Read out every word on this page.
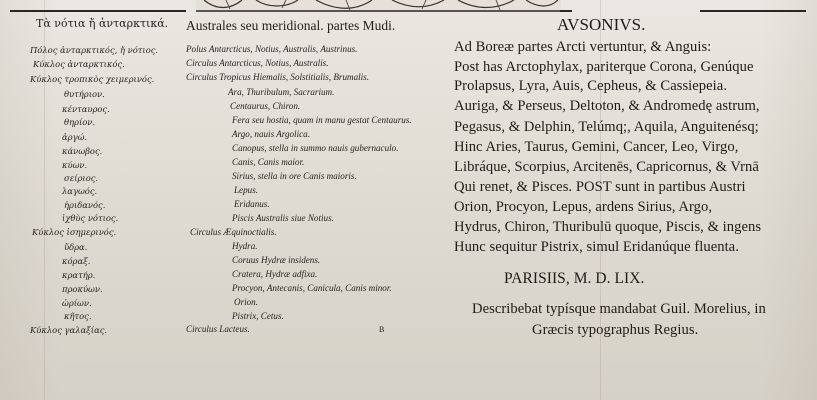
Τὰ νότια ἤ ἀνταρκτικά.
Πόλος ἀνταρκτικός, ἤ νότιος.
Κύκλος ἀνταρκτικός.
Κύκλος τροπικὸς χειμερινός.
θυτήριον.
κένταυρος.
θηρίον.
ἀργώ.
κάνωβος.
κύων.
σείριος.
λαγωός.
ἠριδανός.
ἰχθὺς νότιος.
Κύκλος ἰσημερινός.
ὕδρα.
κόραξ.
κρατήρ.
προκύων.
ὠρίων.
κῆτος.
Κύκλος γαλαξίας.
Australes seu meridional. partes Mudi.
Polus Antarcticus, Notius, Australis, Austrinus.
Circulus Antarcticus, Notius, Australis.
Circulus Tropicus Hiemalis, Solstitialis, Brumalis.
Ara, Thuribulum, Sacrarium.
Centaurus, Chiron.
Fera seu hostia, quam in manu gestat Centaurus.
Argo, nauis Argolica.
Canopus, stella in summo nauis gubernaculo.
Canis, Canis maior.
Sirius, stella in ore Canis maioris.
Lepus.
Eridanus.
Piscis Australis siue Notius.
Circulus Æquinoctialis.
Hydra.
Coruus Hydræ insidens.
Cratera, Hydræ adfixa.
Procyon, Antecanis, Canicula, Canis minor.
Orion.
Pistrix, Cetus.
Circulus Lacteus.	B
AVSONIVS.
Ad Boreæ partes Arcti vertuntur, & Anguis:
Post has Arctophylax, pariterque Corona, Genúque
Prolapsus, Lyra, Auis, Cepheus, & Cassiepeia.
Auriga, & Perseus, Deltoton, & Andromedę astrum,
Pegasus, & Delphin, Telúmq;, Aquila, Anguitenésq;
Hinc Aries, Taurus, Gemini, Cancer, Leo, Virgo,
Libráque, Scorpius, Arcitenēs, Capricornus, & Vrnā
Qui renet, & Pisces. POST sunt in partibus Austri
Orion, Procyon, Lepus, ardens Sirius, Argo,
Hydrus, Chiron, Thuribulū quoque, Piscis, & ingens
Hunc sequitur Pistrix, simul Eridanúque fluenta.
PARISIIS, M. D. LIX.
Describebat typísque mandabat Guil. Morelius, in
Græcis typographus Regius.
